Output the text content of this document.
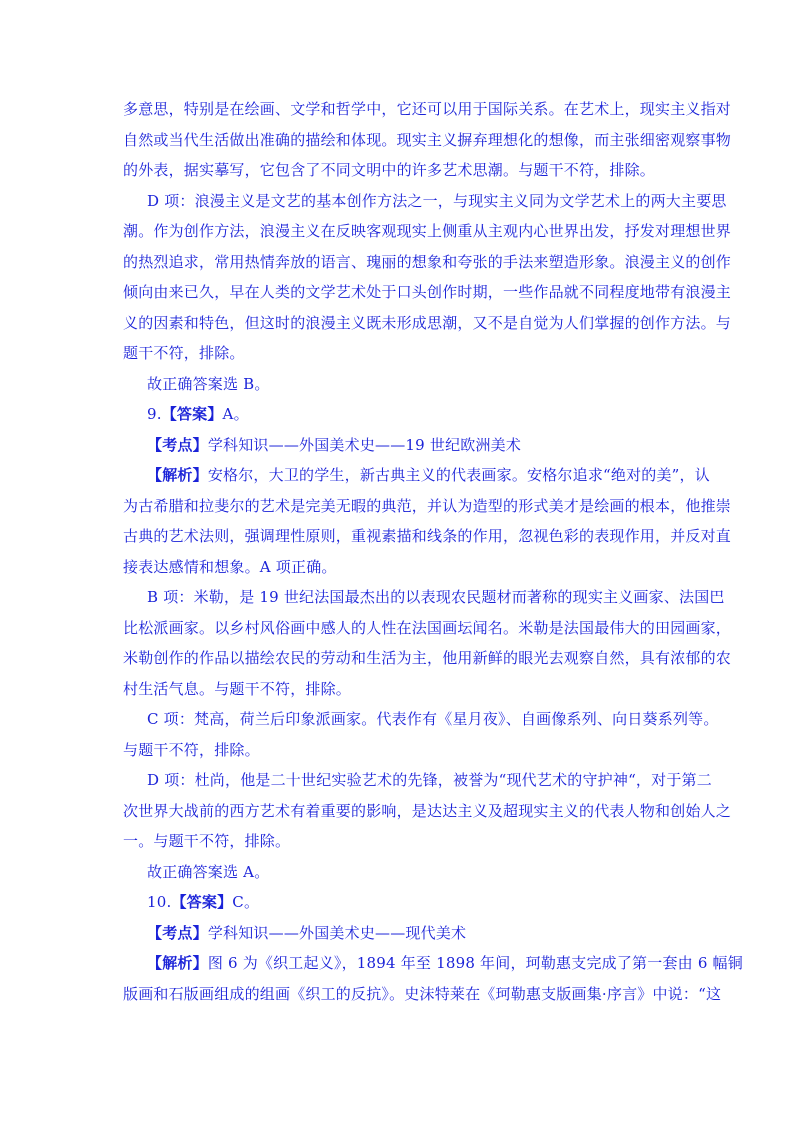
多意思，特别是在绘画、文学和哲学中，它还可以用于国际关系。在艺术上，现实主义指对
自然或当代生活做出准确的描绘和体现。现实主义摒弃理想化的想像，而主张细密观察事物
的外表，据实摹写，它包含了不同文明中的许多艺术思潮。与题干不符，排除。
D 项：浪漫主义是文艺的基本创作方法之一，与现实主义同为文学艺术上的两大主要思
潮。作为创作方法，浪漫主义在反映客观现实上侧重从主观内心世界出发，抒发对理想世界
的热烈追求，常用热情奔放的语言、瑰丽的想象和夸张的手法来塑造形象。浪漫主义的创作
倾向由来已久，早在人类的文学艺术处于口头创作时期，一些作品就不同程度地带有浪漫主
义的因素和特色，但这时的浪漫主义既未形成思潮，又不是自觉为人们掌握的创作方法。与
题干不符，排除。
故正确答案选 B。
9.【答案】A。
【考点】学科知识——外国美术史——19 世纪欧洲美术
【解析】安格尔，大卫的学生，新古典主义的代表画家。安格尔追求“绝对的美”，认
为古希腊和拉斐尔的艺术是完美无暇的典范，并认为造型的形式美才是绘画的根本，他推崇
古典的艺术法则，强调理性原则，重视素描和线条的作用，忽视色彩的表现作用，并反对直
接表达感情和想象。A 项正确。
B 项：米勒，是 19 世纪法国最杰出的以表现农民题材而著称的现实主义画家、法国巴
比松派画家。以乡村风俗画中感人的人性在法国画坛闻名。米勒是法国最伟大的田园画家，
米勒创作的作品以描绘农民的劳动和生活为主，他用新鲜的眼光去观察自然，具有浓郁的农
村生活气息。与题干不符，排除。
C 项：梵高，荷兰后印象派画家。代表作有《星月夜》、自画像系列、向日葵系列等。
与题干不符，排除。
D 项：杜尚，他是二十世纪实验艺术的先锋，被誉为“现代艺术的守护神“，对于第二
次世界大战前的西方艺术有着重要的影响，是达达主义及超现实主义的代表人物和创始人之
一。与题干不符，排除。
故正确答案选 A。
10.【答案】C。
【考点】学科知识——外国美术史——现代美术
【解析】图 6 为《织工起义》，1894 年至 1898 年间，珂勒惠支完成了第一套由 6 幅铜
版画和石版画组成的组画《织工的反抗》。史沫特莱在《珂勒惠支版画集·序言》中说：“这
